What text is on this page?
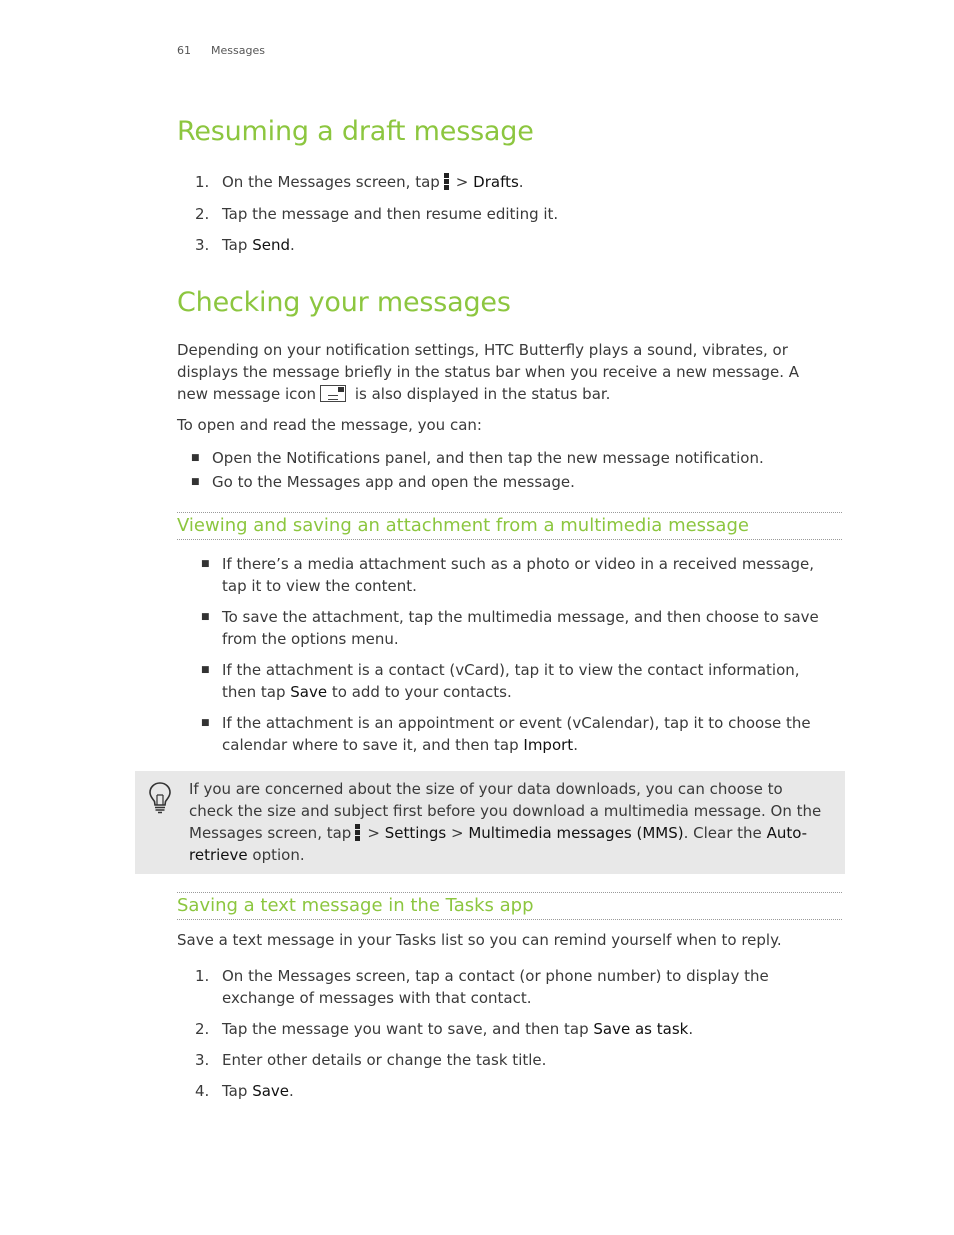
61 Messages
Resuming a draft message
1. On the Messages screen, tap > Drafts.
2. Tap the message and then resume editing it.
3. Tap Send.
Checking your messages
Depending on your notification settings, HTC Butterfly plays a sound, vibrates, or
displays the message briefly in the status bar when you receive a new message. A
new message icon	is also displayed in the status bar.
To open and read the message, you can:
■ Open the Notifications panel, and then tap the new message notification.
■ Go to the Messages app and open the message.
Viewing and saving an attachment from a multimedia message
■ If there’s a media attachment such as a photo or video in a received message,
tap it to view the content.
■ To save the attachment, tap the multimedia message, and then choose to save
from the options menu.
■ If the attachment is a contact (vCard), tap it to view the contact information,
then tap Save to add to your contacts.
■ If the attachment is an appointment or event (vCalendar), tap it to choose the
calendar where to save it, and then tap Import.
If you are concerned about the size of your data downloads, you can choose to
check the size and subject first before you download a multimedia message. On the
Messages screen, tap > Settings > Multimedia messages (MMS). Clear the Auto-
retrieve option.
Saving a text message in the Tasks app
Save a text message in your Tasks list so you can remind yourself when to reply.
1. On the Messages screen, tap a contact (or phone number) to display the
exchange of messages with that contact.
2. Tap the message you want to save, and then tap Save as task.
3. Enter other details or change the task title.
4. Tap Save.
